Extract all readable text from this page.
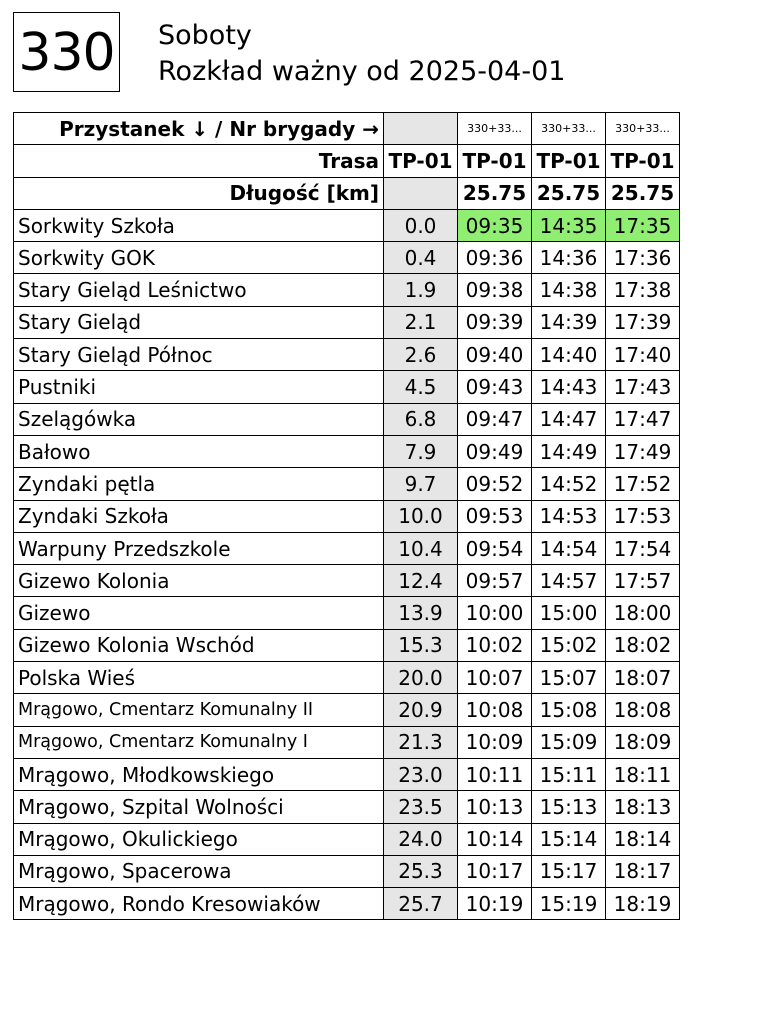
330 Soboty
Rozkład ważny od 2025-04-01
Przystanek ↓ / Nr brygady →		330+33...	330+33...	330+33...
Trasa	TP-01	TP-01	TP-01	TP-01
Długość [km]		25.75	25.75	25.75
Sorkwity Szkoła	0.0	09:35	14:35	17:35
Sorkwity GOK	0.4	09:36	14:36	17:36
Stary Gieląd Leśnictwo	1.9	09:38	14:38	17:38
Stary Gieląd	2.1	09:39	14:39	17:39
Stary Gieląd Północ	2.6	09:40	14:40	17:40
Pustniki	4.5	09:43	14:43	17:43
Szelągówka	6.8	09:47	14:47	17:47
Bałowo	7.9	09:49	14:49	17:49
Zyndaki pętla	9.7	09:52	14:52	17:52
Zyndaki Szkoła	10.0	09:53	14:53	17:53
Warpuny Przedszkole	10.4	09:54	14:54	17:54
Gizewo Kolonia	12.4	09:57	14:57	17:57
Gizewo	13.9	10:00	15:00	18:00
Gizewo Kolonia Wschód	15.3	10:02	15:02	18:02
Polska Wieś	20.0	10:07	15:07	18:07
Mrągowo, Cmentarz Komunalny II	20.9	10:08	15:08	18:08
Mrągowo, Cmentarz Komunalny I	21.3	10:09	15:09	18:09
Mrągowo, Młodkowskiego	23.0	10:11	15:11	18:11
Mrągowo, Szpital Wolności	23.5	10:13	15:13	18:13
Mrągowo, Okulickiego	24.0	10:14	15:14	18:14
Mrągowo, Spacerowa	25.3	10:17	15:17	18:17
Mrągowo, Rondo Kresowiaków	25.7	10:19	15:19	18:19
